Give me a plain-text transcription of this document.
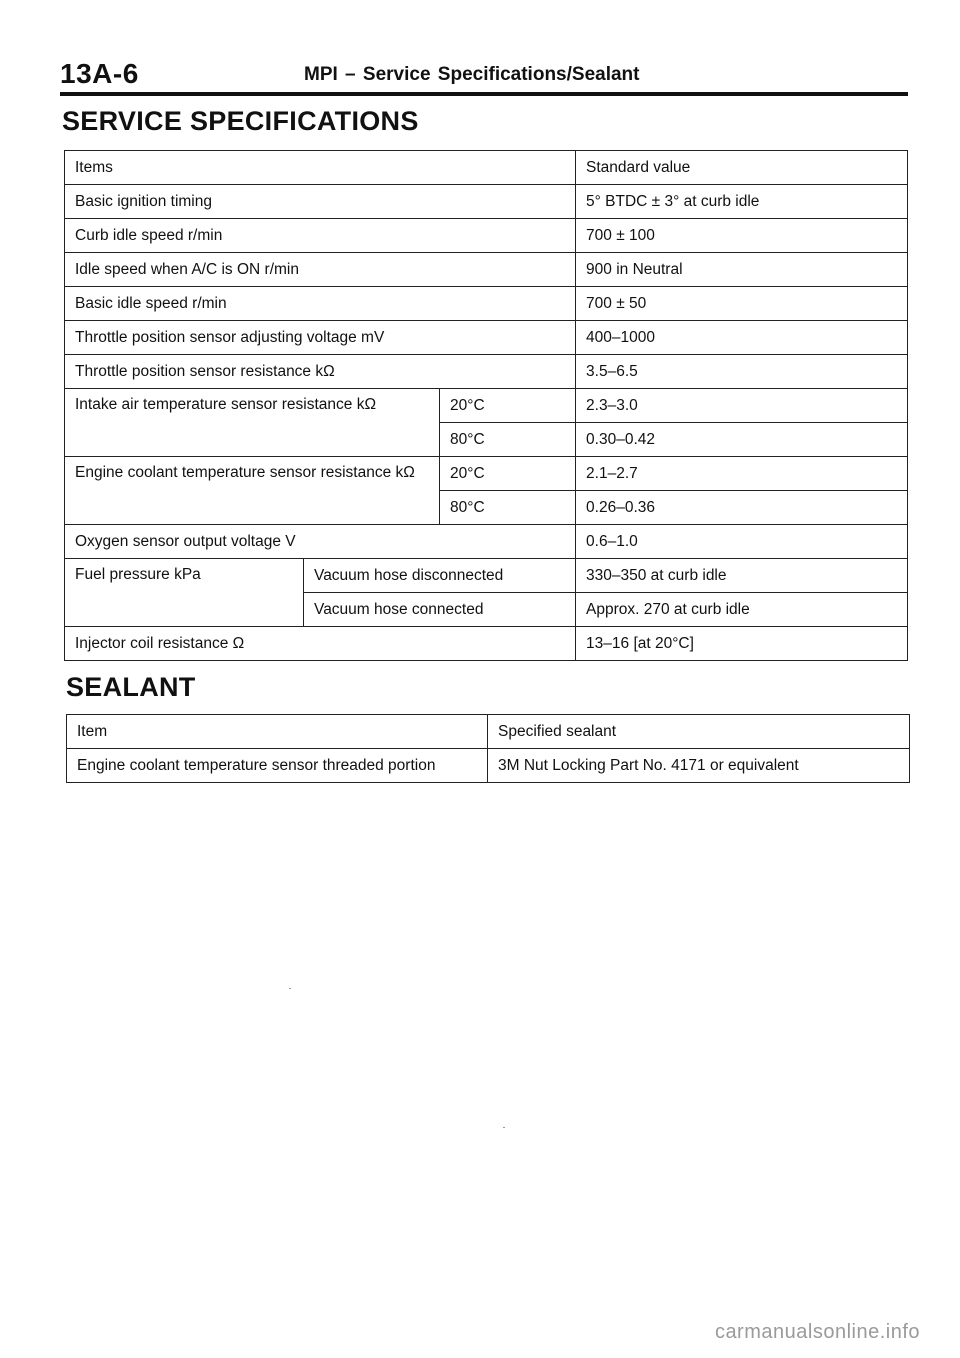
13A-6	MPI – Service Specifications/Sealant
SERVICE SPECIFICATIONS
Items			Standard value
Basic ignition timing			5° BTDC ± 3° at curb idle
Curb idle speed r/min			700 ± 100
Idle speed when A/C is ON r/min			900 in Neutral
Basic idle speed r/min			700 ± 50
Throttle position sensor adjusting voltage mV			400–1000
Throttle position sensor resistance kΩ			3.5–6.5
Intake air temperature sensor resistance kΩ		20°C	2.3–3.0
		80°C	0.30–0.42
Engine coolant temperature sensor resistance kΩ		20°C	2.1–2.7
		80°C	0.26–0.36
Oxygen sensor output voltage V			0.6–1.0
Fuel pressure kPa	Vacuum hose disconnected		330–350 at curb idle
	Vacuum hose connected		Approx. 270 at curb idle
Injector coil resistance Ω			13–16 [at 20°C]
SEALANT
Item	Specified sealant
Engine coolant temperature sensor threaded portion	3M Nut Locking Part No. 4171 or equivalent
carmanualsonline.info
